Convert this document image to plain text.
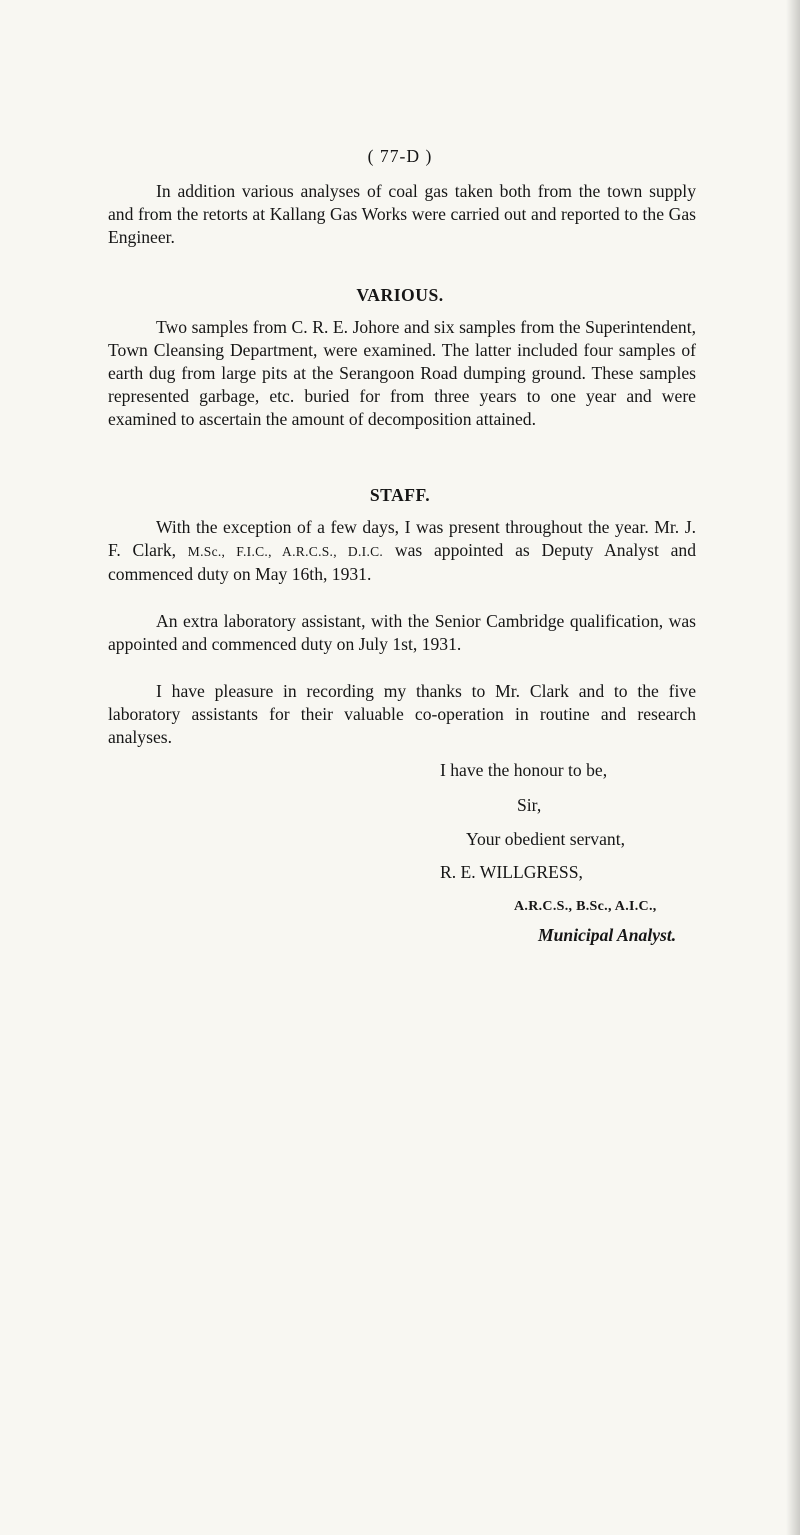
( 77-D )

In addition various analyses of coal gas taken both from the town supply and from the retorts at Kallang Gas Works were carried out and reported to the Gas Engineer.

VARIOUS.

Two samples from C. R. E. Johore and six samples from the Superintendent, Town Cleansing Department, were examined. The latter included four samples of earth dug from large pits at the Serangoon Road dumping ground. These samples represented garbage, etc. buried for from three years to one year and were examined to ascertain the amount of decomposition attained.

STAFF.

With the exception of a few days, I was present throughout the year. Mr. J. F. Clark, M.Sc., F.I.C., A.R.C.S., D.I.C. was appointed as Deputy Analyst and commenced duty on May 16th, 1931.

An extra laboratory assistant, with the Senior Cambridge qualification, was appointed and commenced duty on July 1st, 1931.

I have pleasure in recording my thanks to Mr. Clark and to the five laboratory assistants for their valuable co-operation in routine and research analyses.

I have the honour to be,

Sir,

Your obedient servant,

R. E. WILLGRESS,

A.R.C.S., B.Sc., A.I.C.,

Municipal Analyst.
